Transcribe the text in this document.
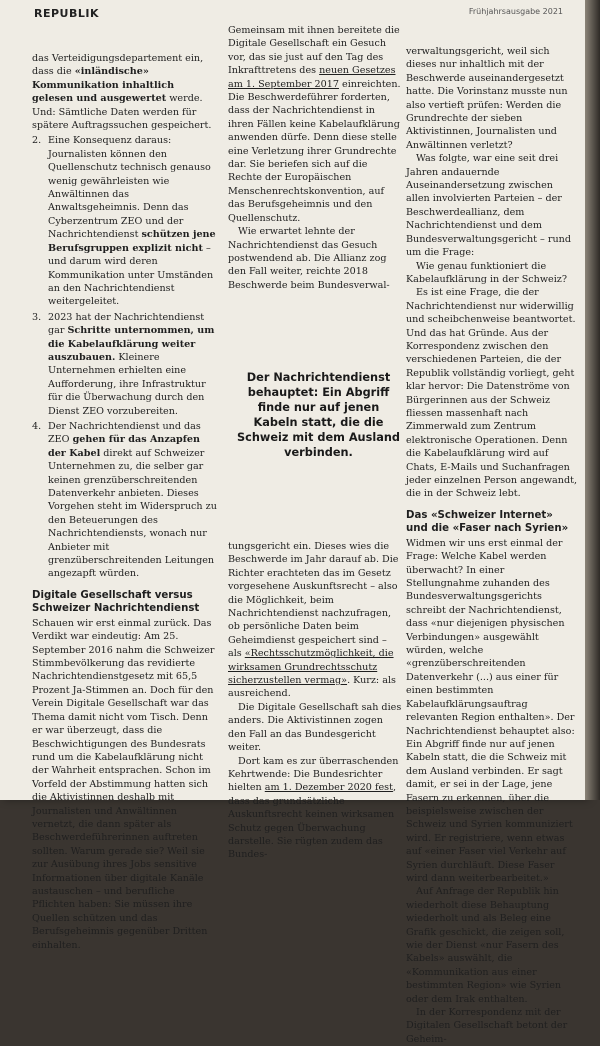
REPUBLIK	Frühjahrsausgabe 2021

das Verteidigungsdepartement ein, dass die «inländische» Kommunikation inhaltlich gelesen und ausgewertet werde. Und: Sämtliche Daten werden für spätere Auftragssuchen gespeichert.

2. Eine Konsequenz daraus: Journalisten können den Quellenschutz technisch genauso wenig gewährleisten wie Anwältinnen das Anwaltsgeheimnis. Denn das Cyberzentrum ZEO und der Nachrichtendienst schützen jene Berufsgruppen explizit nicht – und darum wird deren Kommunikation unter Umständen an den Nachrichtendienst weitergeleitet.
3. 2023 hat der Nachrichtendienst gar Schritte unternommen, um die Kabelaufklärung weiter auszubauen. Kleinere Unternehmen erhielten eine Aufforderung, ihre Infrastruktur für die Überwachung durch den Dienst ZEO vorzubereiten.
4. Der Nachrichtendienst und das ZEO gehen für das Anzapfen der Kabel direkt auf Schweizer Unternehmen zu, die selber gar keinen grenzüberschreitenden Datenverkehr anbieten. Dieses Vorgehen steht im Widerspruch zu den Beteuerungen des Nachrichtendiensts, wonach nur Anbieter mit grenzüberschreitenden Leitungen angezapft würden.
Digitale Gesellschaft versus Schweizer Nachrichtendienst

Schauen wir erst einmal zurück. Das Verdikt war eindeutig: Am 25. September 2016 nahm die Schweizer Stimmbevölkerung das revidierte Nachrichtendienstgesetz mit 65,5 Prozent Ja-Stimmen an. Doch für den Verein Digitale Gesellschaft war das Thema damit nicht vom Tisch. Denn er war überzeugt, dass die Beschwichtigungen des Bundesrats rund um die Kabelaufklärung nicht der Wahrheit entsprachen. Schon im Vorfeld der Abstimmung hatten sich die Aktivistinnen deshalb mit Journalisten und Anwältinnen vernetzt, die dann später als Beschwerdeführerinnen auftreten sollten. Warum gerade sie? Weil sie zur Ausübung ihres Jobs sensitive Informationen über digitale Kanäle austauschen – und berufliche Pflichten haben: Sie müssen ihre Quellen schützen und das Berufsgeheimnis gegenüber Dritten einhalten.

Gemeinsam mit ihnen bereitete die Digitale Gesellschaft ein Gesuch vor, das sie just auf den Tag des Inkrafttretens des neuen Gesetzes am 1. September 2017 einreichten. Die Beschwerdeführer forderten, dass der Nachrichtendienst in ihren Fällen keine Kabelaufklärung anwenden dürfe. Denn diese stelle eine Verletzung ihrer Grundrechte dar. Sie beriefen sich auf die Rechte der Europäischen Menschenrechtskonvention, auf das Berufsgeheimnis und den Quellenschutz.

Wie erwartet lehnte der Nachrichtendienst das Gesuch postwendend ab. Die Allianz zog den Fall weiter, reichte 2018 Beschwerde beim Bundesverwal-

Der Nachrichtendienst behauptet: Ein Abgriff finde nur auf jenen Kabeln statt, die die Schweiz mit dem Ausland verbinden.

tungsgericht ein. Dieses wies die Beschwerde im Jahr darauf ab. Die Richter erachteten das im Gesetz vorgesehene Auskunftsrecht – also die Möglichkeit, beim Nachrichtendienst nachzufragen, ob persönliche Daten beim Geheimdienst gespeichert sind – als «Rechtsschutzmöglichkeit, die wirksamen Grundrechtsschutz sicherzustellen vermag». Kurz: als ausreichend.

Die Digitale Gesellschaft sah dies anders. Die Aktivistinnen zogen den Fall an das Bundesgericht weiter.

Dort kam es zur überraschenden Kehrtwende: Die Bundesrichter hielten am 1. Dezember 2020 fest, dass das grundsätzliche Auskunftsrecht keinen wirksamen Schutz gegen Überwachung darstelle. Sie rügten zudem das Bundes-

verwaltungsgericht, weil sich dieses nur inhaltlich mit der Beschwerde auseinandergesetzt hatte. Die Vorinstanz musste nun also vertieft prüfen: Werden die Grundrechte der sieben Aktivistinnen, Journalisten und Anwältinnen verletzt?

Was folgte, war eine seit drei Jahren andauernde Auseinandersetzung zwischen allen involvierten Parteien – der Beschwerdeallianz, dem Nachrichtendienst und dem Bundesverwaltungsgericht – rund um die Frage:

Wie genau funktioniert die Kabelaufklärung in der Schweiz?

Es ist eine Frage, die der Nachrichtendienst nur widerwillig und scheibchenweise beantwortet. Und das hat Gründe. Aus der Korrespondenz zwischen den verschiedenen Parteien, die der Republik vollständig vorliegt, geht klar hervor: Die Datenströme von Bürgerinnen aus der Schweiz fliessen massenhaft nach Zimmerwald zum Zentrum elektronische Operationen. Denn die Kabelaufklärung wird auf Chats, E-Mails und Suchanfragen jeder einzelnen Person angewandt, die in der Schweiz lebt.

Das «Schweizer Internet» und die «Faser nach Syrien»

Widmen wir uns erst einmal der Frage: Welche Kabel werden überwacht? In einer Stellungnahme zuhanden des Bundesverwaltungsgerichts schreibt der Nachrichtendienst, dass «nur diejenigen physischen Verbindungen» ausgewählt würden, welche «grenzüberschreitenden Datenverkehr (...) aus einer für einen bestimmten Kabelaufklärungsauftrag relevanten Region enthalten». Der Nachrichtendienst behauptet also: Ein Abgriff finde nur auf jenen Kabeln statt, die die Schweiz mit dem Ausland verbinden. Er sagt damit, er sei in der Lage, jene Fasern zu erkennen, über die beispielsweise zwischen der Schweiz und Syrien kommuniziert wird. Er registriere, wenn etwas auf «einer Faser viel Verkehr auf Syrien durchläuft. Diese Faser wird dann weiterbearbeitet.»

Auf Anfrage der Republik hin wiederholt diese Behauptung wiederholt und als Beleg eine Grafik geschickt, die zeigen soll, wie der Dienst «nur Fasern des Kabels» auswählt, die «Kommunikation aus einer bestimmten Region» wie Syrien oder dem Irak enthalten.

In der Korrespondenz mit der Digitalen Gesellschaft betont der Geheim-
